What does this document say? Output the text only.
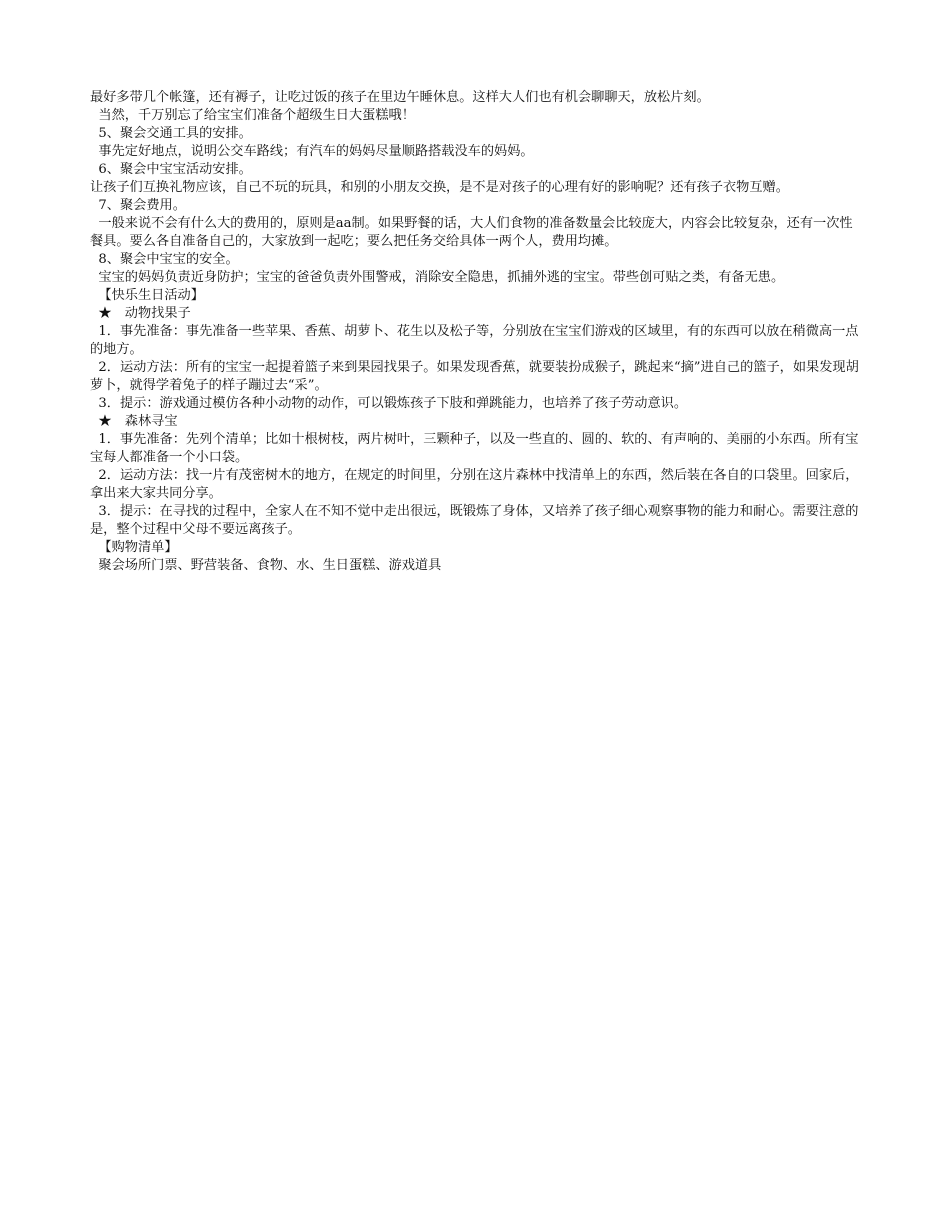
最好多带几个帐篷，还有褥子，让吃过饭的孩子在里边午睡休息。这样大人们也有机会聊聊天，放松片刻。

当然，千万别忘了给宝宝们准备个超级生日大蛋糕哦！

5、聚会交通工具的安排。

事先定好地点，说明公交车路线；有汽车的妈妈尽量顺路搭载没车的妈妈。

6、聚会中宝宝活动安排。

让孩子们互换礼物应该，自己不玩的玩具，和别的小朋友交换，是不是对孩子的心理有好的影响呢？还有孩子衣物互赠。

7、聚会费用。

一般来说不会有什么大的费用的，原则是aa制。如果野餐的话，大人们食物的准备数量会比较庞大，内容会比较复杂，还有一次性餐具。要么各自准备自己的，大家放到一起吃；要么把任务交给具体一两个人，费用均摊。

8、聚会中宝宝的安全。

宝宝的妈妈负责近身防护；宝宝的爸爸负责外围警戒，消除安全隐患，抓捕外逃的宝宝。带些创可贴之类，有备无患。

【快乐生日活动】

★　动物找果子

1．事先准备：事先准备一些苹果、香蕉、胡萝卜、花生以及松子等，分别放在宝宝们游戏的区域里，有的东西可以放在稍微高一点的地方。

2．运动方法：所有的宝宝一起提着篮子来到果园找果子。如果发现香蕉，就要装扮成猴子，跳起来“摘”进自己的篮子，如果发现胡萝卜，就得学着兔子的样子蹦过去“采”。

3．提示：游戏通过模仿各种小动物的动作，可以锻炼孩子下肢和弹跳能力，也培养了孩子劳动意识。

★　森林寻宝

1．事先准备：先列个清单；比如十根树枝，两片树叶，三颗种子，以及一些直的、圆的、软的、有声响的、美丽的小东西。所有宝宝每人都准备一个小口袋。

2．运动方法：找一片有茂密树木的地方，在规定的时间里，分别在这片森林中找清单上的东西，然后装在各自的口袋里。回家后，拿出来大家共同分享。

3．提示：在寻找的过程中，全家人在不知不觉中走出很远，既锻炼了身体，又培养了孩子细心观察事物的能力和耐心。需要注意的是，整个过程中父母不要远离孩子。

【购物清单】

聚会场所门票、野营装备、食物、水、生日蛋糕、游戏道具
